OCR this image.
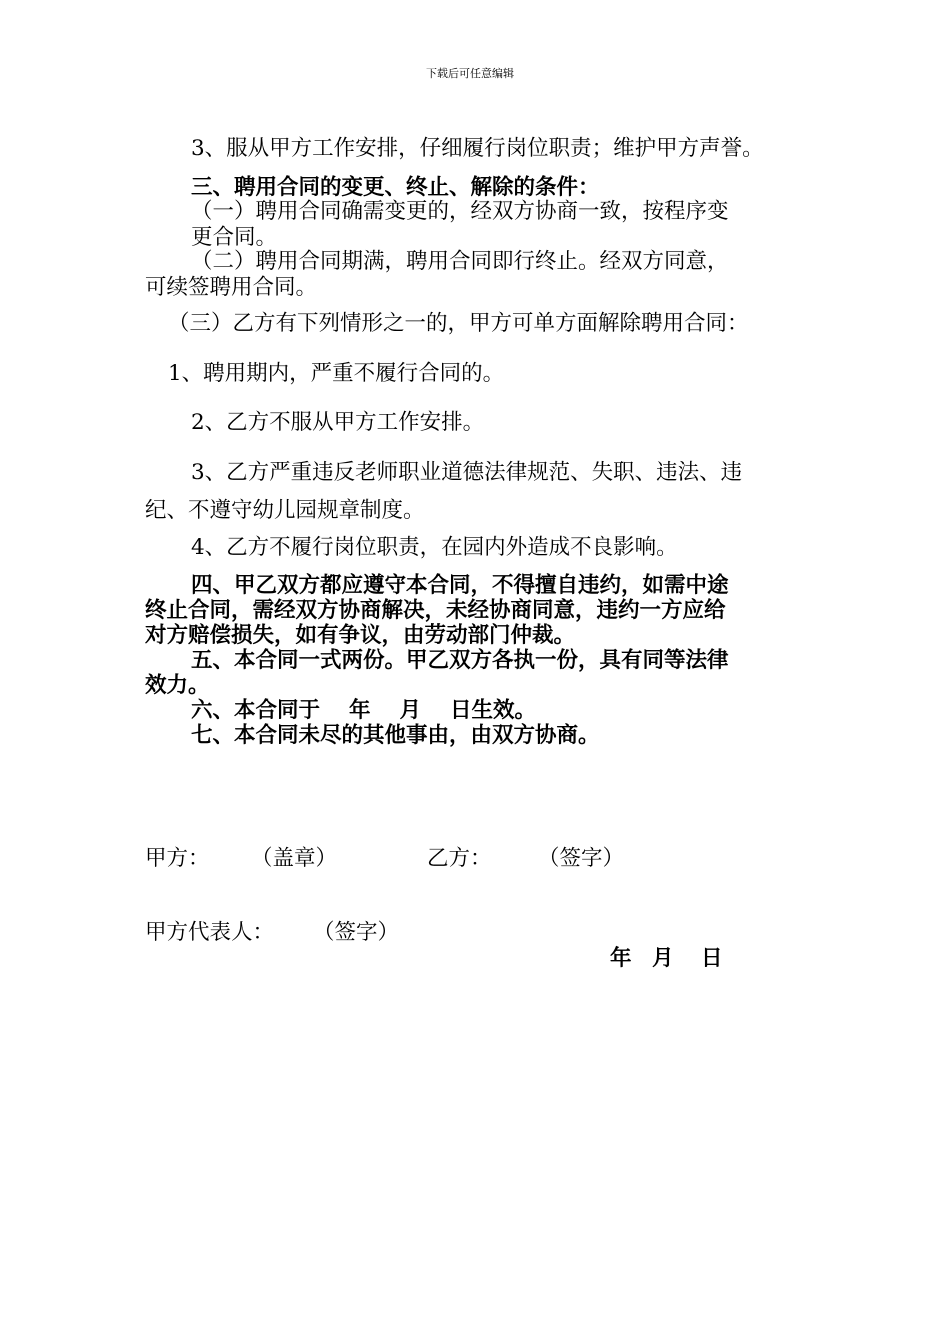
下载后可任意编辑
3、服从甲方工作安排，仔细履行岗位职责；维护甲方声誉。
三、聘用合同的变更、终止、解除的条件：
（一）聘用合同确需变更的，经双方协商一致，按程序变
更合同。
（二）聘用合同期满，聘用合同即行终止。经双方同意，
可续签聘用合同。
（三）乙方有下列情形之一的，甲方可单方面解除聘用合同：
1、聘用期内，严重不履行合同的。
2、乙方不服从甲方工作安排。
3、乙方严重违反老师职业道德法律规范、失职、违法、违
纪、不遵守幼儿园规章制度。
4、乙方不履行岗位职责，在园内外造成不良影响。
四、甲乙双方都应遵守本合同，不得擅自违约，如需中途
终止合同，需经双方协商解决，未经协商同意，违约一方应给
对方赔偿损失，如有争议，由劳动部门仲裁。
五、本合同一式两份。甲乙双方各执一份，具有同等法律
效力。
六、本合同于　 年　 月　 日生效。
七、本合同未尽的其他事由，由双方协商。
甲方： （盖章）	乙方： （签字）
甲方代表人： （签字）
年 月 日
